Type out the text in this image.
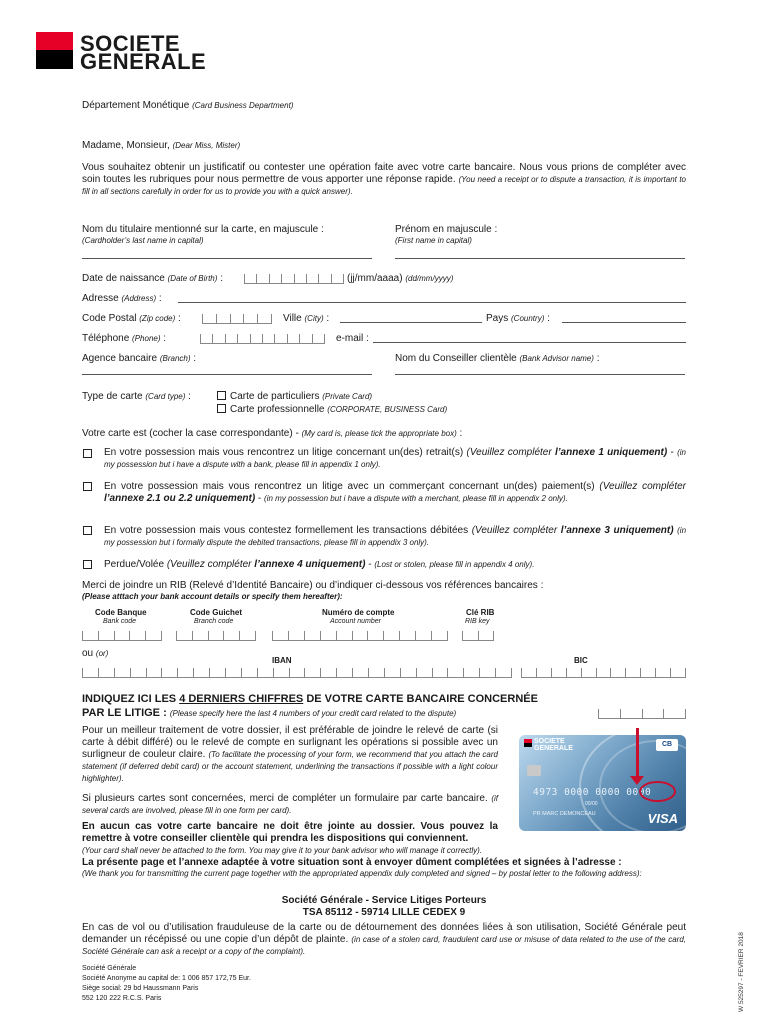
SOCIETE
GENERALE
Département Monétique (Card Business Department)
Madame, Monsieur, (Dear Miss, Mister)
Vous souhaitez obtenir un justificatif ou contester une opération faite avec votre carte bancaire. Nous vous prions de compléter avec soin toutes les rubriques pour nous permettre de vous apporter une réponse rapide. (You need a receipt or to dispute a transaction, it is important to fill in all sections carefully in order for us to provide you with a quick answer).
Nom du titulaire mentionné sur la carte, en majuscule :
(Cardholder’s last name in capital)
Prénom en majuscule :
(First name in capital)
Date de naissance (Date of Birth) :	(jj/mm/aaaa) (dd/mm/yyyy)
Adresse (Address) :
Code Postal (Zip code) :	Ville (City) :	Pays (Country) :
Téléphone (Phone) :	e-mail :
Agence bancaire (Branch) :	Nom du Conseiller clientèle (Bank Advisor name) :
Type de carte (Card type) :	Carte de particuliers (Private Card)
Carte professionnelle (CORPORATE, BUSINESS Card)
Votre carte est (cocher la case correspondante) - (My card is, please tick the appropriate box) :
En votre possession mais vous rencontrez un litige concernant un(des) retrait(s) (Veuillez compléter l’annexe 1 uniquement) - (in my possession but i have a dispute with a bank, please fill in appendix 1 only).
En votre possession mais vous rencontrez un litige avec un commerçant concernant un(des) paiement(s) (Veuillez compléter l’annexe 2.1 ou 2.2 uniquement) - (in my possession but i have a dispute with a merchant, please fill in appendix 2 only).
En votre possession mais vous contestez formellement les transactions débitées (Veuillez compléter l’annexe 3 uniquement) (in my possession but i formally dispute the debited transactions, please fill in appendix 3 only).
Perdue/Volée (Veuillez compléter l’annexe 4 uniquement) - (Lost or stolen, please fill in appendix 4 only).
Merci de joindre un RIB (Relevé d’Identité Bancaire) ou d’indiquer ci-dessous vos références bancaires :
(Please atttach your bank account details or specify them hereafter):
Code Banque
Bank code
Code Guichet
Branch code
Numéro de compte
Account number
Clé RIB
RIB key
ou (or)
IBAN	BIC
INDIQUEZ ICI LES 4 DERNIERS CHIFFRES DE VOTRE CARTE BANCAIRE CONCERNÉE
PAR LE LITIGE : (Please specify here the last 4 numbers of your credit card related to the dispute)
Pour un meilleur traitement de votre dossier, il est préférable de joindre le relevé de carte (si carte à débit différé) ou le relevé de compte en surlignant les opérations si possible avec un surligneur de couleur claire. (To facilitate the processing of your form, we recommend that you attach the card statement (if deferred debit card) or the account statement, underlining the transactions if possible with a light colour highlighter).
Si plusieurs cartes sont concernées, merci de compléter un formulaire par carte bancaire. (if several cards are involved, please fill in one form per card).
En aucun cas votre carte bancaire ne doit être jointe au dossier. Vous pouvez la remettre à votre conseiller clientèle qui prendra les dispositions qui conviennent.
(Your card shall never be attached to the form. You may give it to your bank advisor who will manage it correctly).
La présente page et l’annexe adaptée à votre situation sont à envoyer dûment complétées et signées à l’adresse :
(We thank you for transmitting the current page together with the appropriated appendix duly completed and signed – by postal letter to the following address):
Société Générale - Service Litiges Porteurs
TSA 85112 - 59714 LILLE CEDEX 9
En cas de vol ou d’utilisation frauduleuse de la carte ou de détournement des données liées à son utilisation, Société Générale peut demander un récépissé ou une copie d’un dépôt de plainte. (in case of a stolen card, fraudulent card use or misuse of data related to the use of the card, Société Générale can ask a receipt or a copy of the complaint).
Société Générale
Société Anonyme au capital de: 1 006 857 172,75 Eur.
Siège social: 29 bd Haussmann Paris
552 120 222 R.C.S. Paris	W 525297 - FEVRIER 2018
SOCIETE GENERALE
CB
4973 0000 0000 0000
00/00
PR MARC DEMONCEAU	VISA
